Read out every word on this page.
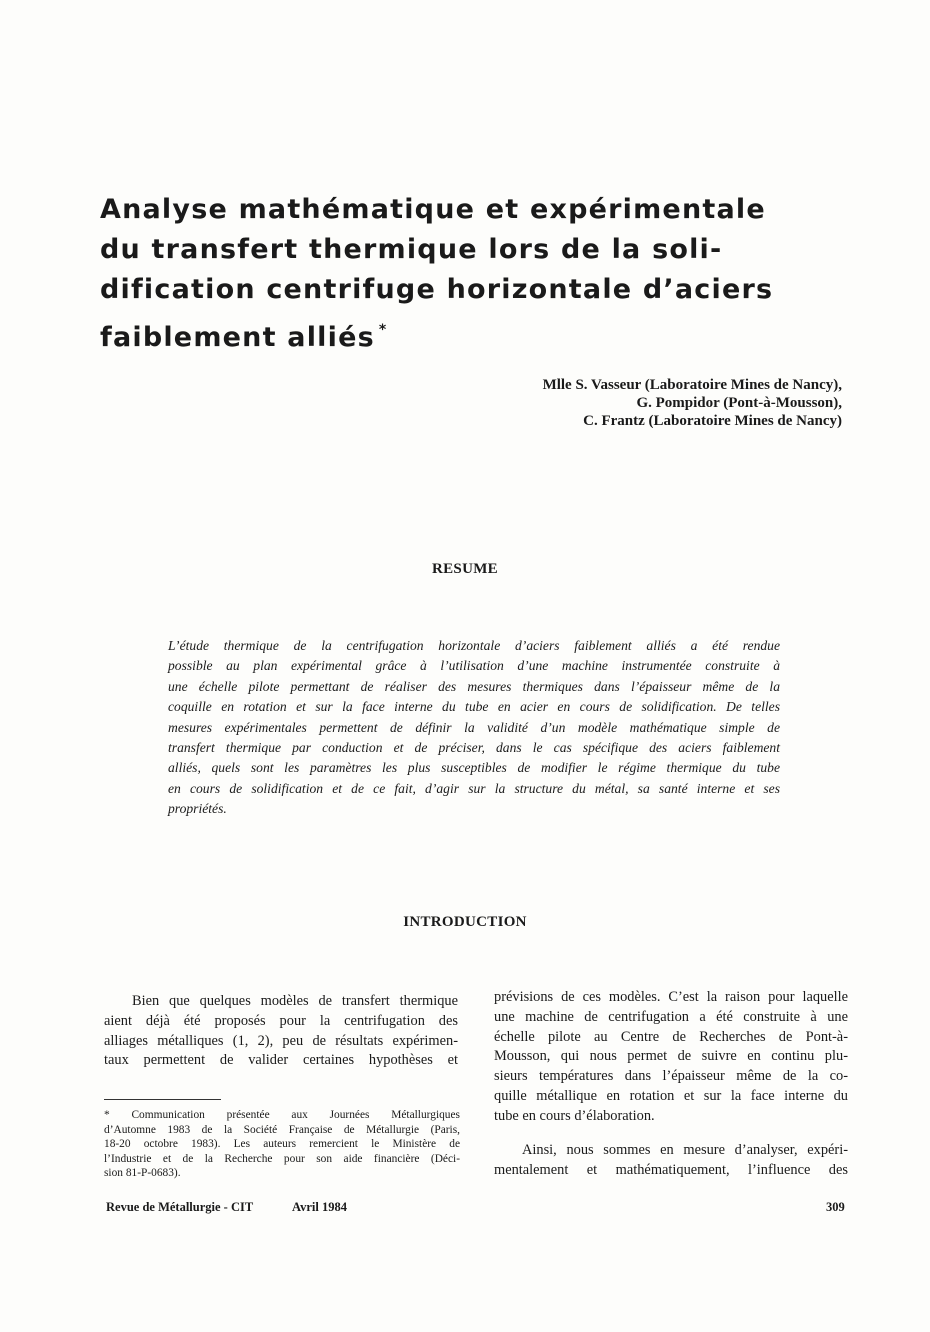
Analyse mathématique et expérimentale
du transfert thermique lors de la soli-
dification centrifuge horizontale d’aciers
faiblement alliés *
Mlle S. Vasseur (Laboratoire Mines de Nancy),
G. Pompidor (Pont-à-Mousson),
C. Frantz (Laboratoire Mines de Nancy)
RESUME
L’étude thermique de la centrifugation horizontale d’aciers faiblement alliés a été rendue
possible au plan expérimental grâce à l’utilisation d’une machine instrumentée construite à
une échelle pilote permettant de réaliser des mesures thermiques dans l’épaisseur même de la
coquille en rotation et sur la face interne du tube en acier en cours de solidification. De telles
mesures expérimentales permettent de définir la validité d’un modèle mathématique simple de
transfert thermique par conduction et de préciser, dans le cas spécifique des aciers faiblement
alliés, quels sont les paramètres les plus susceptibles de modifier le régime thermique du tube
en cours de solidification et de ce fait, d’agir sur la structure du métal, sa santé interne et ses
propriétés.
INTRODUCTION
Bien que quelques modèles de transfert thermique
aient déjà été proposés pour la centrifugation des
alliages métalliques (1, 2), peu de résultats expérimen-
taux permettent de valider certaines hypothèses et
* Communication présentée aux Journées Métallurgiques
d’Automne 1983 de la Société Française de Métallurgie (Paris,
18-20 octobre 1983). Les auteurs remercient le Ministère de
l’Industrie et de la Recherche pour son aide financière (Déci-
sion 81-P-0683).
prévisions de ces modèles. C’est la raison pour laquelle
une machine de centrifugation a été construite à une
échelle pilote au Centre de Recherches de Pont-à-
Mousson, qui nous permet de suivre en continu plu-
sieurs températures dans l’épaisseur même de la co-
quille métallique en rotation et sur la face interne du
tube en cours d’élaboration.
Ainsi, nous sommes en mesure d’analyser, expéri-
mentalement et mathématiquement, l’influence des
Revue de Métallurgie - CIT	Avril 1984	309
